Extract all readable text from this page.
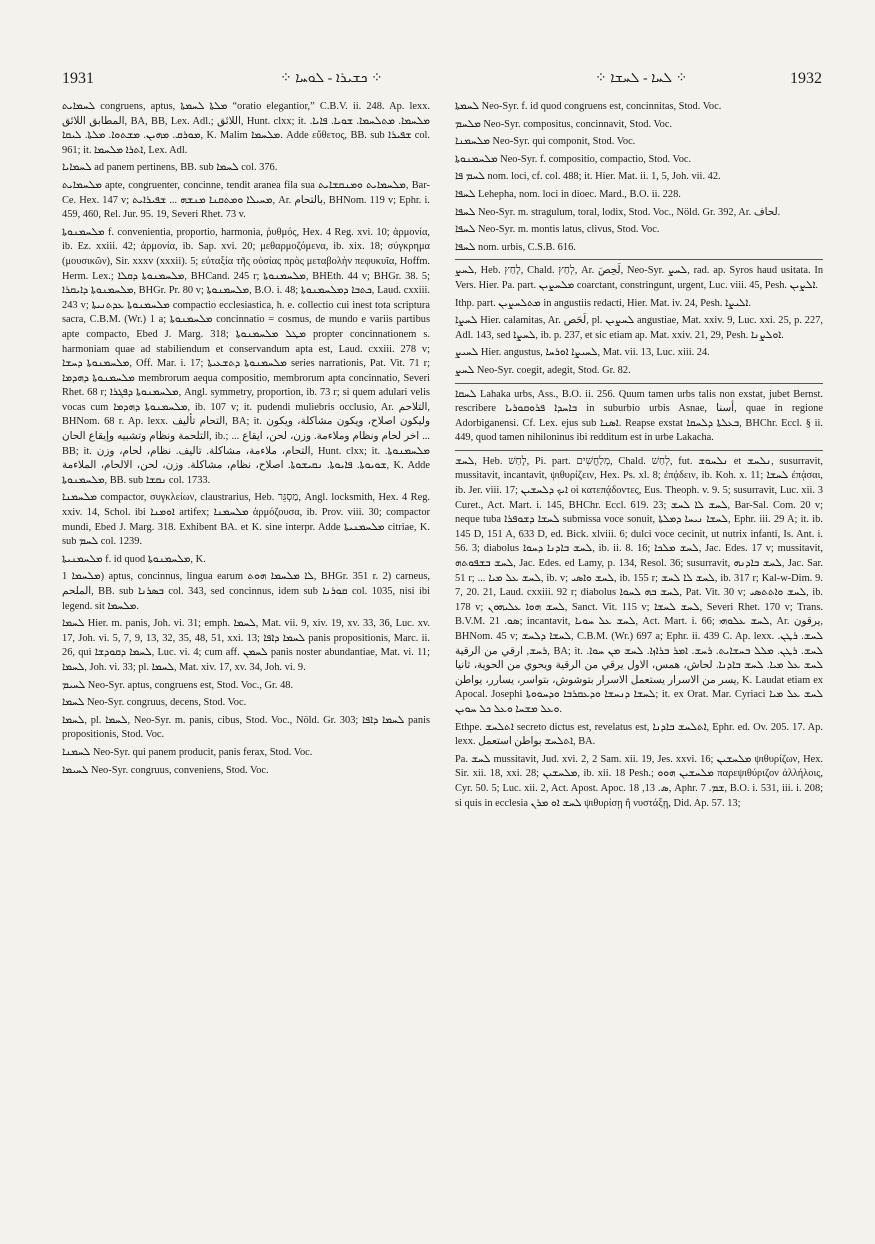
1931	⁘ ܟܫܝܪܐ - ܠܘܚܐ ⁘	⁘ ܠܚܐ - ܠܚܫܐ ⁘	1932

ܠܚܡܐܝܬ congruens, aptus, ܡܠܬܐ ܠܚܡܬܐ “oratio elegantior,” C.B.V. ii. 248. Ap. lexx. المطابق اللائق, BA, BB, Lex. Adl.; اللائق, Hunt. clxx; it. ܡܠܚܡܐ. ܡܬܠܚܡܐ. ܫܘܝܐ. ܦܐܝܐ. ܡܘܪܩ. ܡܗܝܢ. ܡܫܬܘܐ. ܡܠܬܐ. ܠܝܩܐ, K. Malim ܡܠܚܡܐ. Adde εὔθετος, BB. sub ܫܦܝܪܐ col. 961; it. ܐܬܪܐ ܡܠܚܡܐ, Lex. Adl.

ܠܚܡܐܝܐ ad panem pertinens, BB. sub ܠܚܡܐ col. 376.

ܡܠܚܡܐܝܬ apte, congruenter, concinne, tendit aranea fila sua ܡܠܚܡܐܝܬ ܘܡܢܩܫܐܝܬ, Bar-Ce. Hex. 147 v; ܡܚܝܠܐ ܘܡܬܩܢܐ ܡܢܫܗ ... ܫܦܝܪܐܝܬ, Ar. بالتحام, BHNom. 119 v; Ephr. i. 459, 460, Rel. Jur. 95. 19, Severi Rhet. 73 v.

ܡܠܚܡܢܘܬܐ f. convenientia, proportio, harmonia, ῥυθμός, Hex. 4 Reg. xvi. 10; ἁρμονία, ib. Ez. xxiii. 42; ἁρμονία, ib. Sap. xvi. 20; μεθαρμοζόμενα, ib. xix. 18; σύγκρημα (μουσικῶν), Sir. xxxv (xxxii). 5; εὐταξία τῆς οὐσίας πρὸς μεταβολὴν πεφυκυῖα, Hoffm. Herm. Lex.; ܡܠܚܡܢܘܬܐ ܕܩܠܐ, BHCand. 245 r; ܡܠܚܡܢܘܬܐ, BHEth. 44 v; BHGr. 38. 5; ܡܠܚܡܢܘܬܐ ܕܐܝܩܪܐ, BHGr. Pr. 80 v; ܡܠܚܡܢܘܬܐ, B.O. i. 48; ܟܬܒܐ ܕܡܠܚܡܢܘܬܐ, Laud. cxxiii. 243 v; ܡܠܚܡܢܘܬܐ ܥܕܬܢܝܬܐ compactio ecclesiastica, h. e. collectio cui inest tota scriptura sacra, C.B.M. (Wr.) 1 a; ܡܠܚܡܢܘܬܐ concinnatio = cosmus, de mundo e variis partibus apte compacto, Ebed J. Marg. 318; ܡܛܠ ܡܠܚܡܢܘܬܐ propter concinnationem s. harmoniam quae ad stabiliendum et conservandum apta est, Laud. cxxiii. 278 v; ܡܠܚܡܢܘܬܐ ܕܚܫܐ, Off. Mar. i. 17; ܡܠܚܡܢܘܬܐ ܕܬܫܥܝܬܐ series narrationis, Pat. Vit. 71 r; ܡܠܚܡܢܘܬܐ ܕܗܕܡܐ membrorum aequa compositio, membrorum apta concinnatio, Severi Rhet. 68 r; ܡܠܚܡܢܘܬܐ ܕܦܓܪܐ, Angl. symmetry, proportion, ib. 73 r; si quem adulari velis vocas cum ܡܠܚܡܢܘܬܐ ܕܗܕܡܐ, ib. 107 v; it. pudendi muliebris occlusio, Ar. التلاحم, BHNom. 68 r. Ap. lexx. التحام تأليف, BA; it. وليكون اصلاح، ويكون مشاكلة، ويكون التلحمة ونظام وتشبيه وإيقاع الحان, ib.; ... اخر لحام ونظام وملاءمة. وزن، لحن، ايقاع ... BB; it. التحام، ملاءمة، مشاكلة. تاليف. نظام، لحام، وزن, Hunt. clxx; it. ܡܠܚܡܢܘܬܐ. ܫܘܝܘܬܐ. ܦܐܝܘܬܐ. ܢܩܝܫܘܬܐ. اصلاح، نظام، مشاكلة. وزن، لحن، الالحام، الملاءمة, K. Adde ܡܠܚܡܢܘܬܐ, BB. sub ܢܩܫܐ col. 1733.

ܡܠܚܡܢܐ compactor, συγκλείων, claustrarius, Heb. מַסְגֵּר, Angl. locksmith, Hex. 4 Reg. xxiv. 14, Schol. ibi ܐܘܡܢܐ artifex; ܡܠܚܡܢܐ ἁρμόζουσα, ib. Prov. viii. 30; compactor mundi, Ebed J. Marg. 318. Exhibent BA. et K. sine interpr. Adde ܡܠܚܡܢܝܬܐ citriae, K. sub ܠܚܡ col. 1239.

ܡܠܚܡܢܝܬܐ f. id quod ܡܠܚܡܢܘܬܐ, K.

ܡܠܚܡܐ 1) aptus, concinnus, lingua earum ܠܐ ܡܠܚܡܐ ܗܘܬ, BHGr. 351 r. 2) carneus, الملحم, BB. sub ܒܣܪܢܐ col. 343, sed concinnus, idem sub ܩܘܪܢܐ col. 1035, nisi ibi legend. sit ܡܠܚܡܐ.

ܠܚܡܐ Hier. m. panis, Joh. vi. 31; emph. ܠܚܡܐ, Mat. vii. 9, xiv. 19, xv. 33, 36, Luc. xv. 17, Joh. vi. 5, 7, 9, 13, 32, 35, 48, 51, xxi. 13; ܠܚܡܐ ܕܐܦܐ panis propositionis, Marc. ii. 26, qui ܠܚܡܐ ܕܩܘܕܫܐ, Luc. vi. 4; cum aff. ܠܚܡܢ panis noster abundantiae, Mat. vi. 11; ܠܚܡܐ, Joh. vi. 33; pl. ܠܚܡܐ, Mat. xiv. 17, xv. 34, Joh. vi. 9.

ܠܚܝܡ Neo-Syr. aptus, congruens est, Stod. Voc., Gr. 48.

ܠܚܡܐ Neo-Syr. congruus, decens, Stod. Voc.

ܠܚܡܐ, pl. ܠܚܡܐ, Neo-Syr. m. panis, cibus, Stod. Voc., Nöld. Gr. 303; ܠܚܡܐ ܕܐܦܐ panis propositionis, Stod. Voc.

ܠܚܡܢܐ Neo-Syr. qui panem producit, panis ferax, Stod. Voc.

ܠܚܝܡܐ Neo-Syr. congruus, conveniens, Stod. Voc.

ܠܚܡܬܐ Neo-Syr. f. id quod congruens est, concinnitas, Stod. Voc.

ܡܠܚܡ Neo-Syr. compositus, concinnavit, Stod. Voc.

ܡܠܚܡܢܐ Neo-Syr. qui componit, Stod. Voc.

ܡܠܚܡܢܘܬܐ Neo-Syr. f. compositio, compactio, Stod. Voc.

ܠܚܡ ܦܐ nom. loci, cf. col. 488; it. Hier. Mat. ii. 1, 5, Joh. vii. 42.

ܠܚܦܐ Lehepha, nom. loci in dioec. Mard., B.O. ii. 228.

ܠܚܦܐ Neo-Syr. m. stragulum, toral, lodix, Stod. Voc., Nöld. Gr. 392, Ar. لحاف.

ܠܚܦܐ Neo-Syr. m. montis latus, clivus, Stod. Voc.

ܠܚܦܐ nom. urbis, C.S.B. 616.

ܠܚܨ, Heb. לָחַץ, Chald. לְחַץ, Ar. لَحِصَ, Neo-Syr. ܠܚܨ, rad. ap. Syros haud usitata. In Vers. Hier. Pa. part. ܡܠܚܨܝܢ coarctant, constringunt, urgent, Luc. viii. 45, Pesh. ܐܠܨܝܢ.

Ithp. part. ܡܬܠܚܨܝܢ in angustiis redacti, Hier. Mat. iv. 24, Pesh. ܐܠܝܨܐ.

ܠܚܨܐ Hier. calamitas, Ar. لَحَص, pl. ܠܚܨܝܢ angustiae, Mat. xxiv. 9, Luc. xxi. 25, p. 227, Adl. 143, sed ܠܚܨܐ, ib. p. 237, et sic etiam ap. Mat. xxiv. 21, 29, Pesh. ܐܘܠܨܢܐ.

ܠܚܝܨ Hier. angustus, ܠܚܝܨܐ ܐܘܪܚܐ, Mat. vii. 13, Luc. xiii. 24.

ܠܚܨ Neo-Syr. coegit, adegit, Stod. Gr. 82.

ܠܚܩܐ Lahaka urbs, Ass., B.O. ii. 256. Quum tamen urbs talis non exstat, jubet Bernst. rescribere ܒܐܚܕܐ ܦܪܘܩܘܪܝܐ in suburbio urbis Asnae, أسنا, quae in regione Adorbiganensi. Cf. Lex. ejus sub ܐܣܢܐ. Reapse exstat ܒܥܠܬܐ ܕܠܚܩܐ, BHChr. Eccl. § ii. 449, quod tamen nihiloninus ibi redditum est in urbe Lakacha.

ܠܚܫ, Heb. לָחַשׁ, Pi. part. מְלַחֲשִׁים, Chald. לְחַשׁ, fut. ܢܠܚܘܫ et ܢܠܚܫ, susurravit, mussitavit, incantavit, ψιθυρίζειν, Hex. Ps. xl. 8; ἐπᾴδειν, ib. Koh. x. 11; ܠܚܫܐ ἐπᾴσαι, ib. Jer. viii. 17; ܐܝܟ ܕܠܚܫܝܢ οἱ κατεπᾴδοντες, Eus. Theoph. v. 9. 5; susurravit, Luc. xii. 3 Curet., Act. Mart. i. 145, BHChr. Eccl. 619. 23; ܠܚܫ ܠܐ ܠܚܫ, Bar-Sal. Com. 20 v; neque tuba ܠܚܫܐ ܕܫܘܦܪܐ submissa voce sonuit, ܠܚܫܐ ܢܝܚܐ ܕܡܠܬܐ, Ephr. iii. 29 A; it. ib. 145 D, 151 A, 633 D, ed. Bick. xlviii. 6; dulci voce cecinit, ut nutrix infanti, Is. Ant. i. 56. 3; diabolus ܠܚܫ ܒܐܕܢܐ ܕܚܘܐ, ib. ii. 8. 16; ܠܚܫ ܡܠܟܐ, Jac. Edes. 17 v; mussitavit, ܠܚܫ ܒܫܦܘܬܗ, Jac. Edes. ed Lamy, p. 134, Resol. 36; susurravit, ܠܚܫ ܒܐܕܢܗ, Jac. Sar. 51 r; ... ܠܚܫ ܥܠ ܡܝܐ, ib. v; ܠܚܫ ܘܐܣܝ, ib. 155 r; ܠܚܫ ܠܐ ܠܚܫ, ib. 317 r; Kal-w-Dim. 9. 7, 20. 21, Laud. cxxiii. 92 r; diabolus ܠܚܫ ܒܗ ܠܚܘܐ, Pat. Vit. 30 v; ܠܚܫ ܘܐܬܬܣܝ, ib. 178 v; ܠܚܫ ܗܘܐ ܥܠܝܗܘܢ, Sanct. Vit. 115 v; ܠܚܫ ܠܚܫܐ, Severi Rhet. 170 v; Trans. B.V.M. ܣܘ. 21; incantavit, ܠܚܫ ܥܠ ܚܘܝܐ, Act. Mart. i. 66; ܠܚܫ ܥܠܘܗܝ, Ar. يرقون, BHNom. 45 v; ܠܚܫܐ ܕܠܚܫ, C.B.M. (Wr.) 697 a; Ephr. ii. 439 C. Ap. lexx. ܠܚܫ. ܪܛܢ. ܪܚܫ, ارقي من الرقية, BA; it. ܠܚܫ. ܪܛܢ. ܡܠܠ ܒܚܫܐܝܬ. ܪܚܫ. ܐܡܪ ܒܪܐܙܐ. ܠܚܫ ܡܢ ܚܘܐ. ܠܚܫ ܥܠ ܡܝܐ. ܠܚܫ ܒܐܕܢܐ. لحاش، همس، الاول يرقي من الرقية ويحوي من الحوية، ثانيا يسر من الاسرار يستعمل الاسرار بتوشوش، بتواسر، يسارر، يواطن, K. Laudat etiam ex Apocal. Josephi ܠܚܫܐ ܕܢܚܫܐ ܘܕܥܩܪܒܐ ܘܕܚܘܘܬܐ; it. ex Orat. Mar. Cyriaci ܠܚܫ ܥܠ ܡܝܐ ܘܥܠ ܡܫܚܐ ܘܥܠ ܟܠ ܚܘܝܢ.

Ethpe. ܐܬܠܚܫ secreto dictus est, revelatus est, ܐܬܠܚܫ ܒܐܕܢܐ, Ephr. ed. Ov. 205. 17. Ap. lexx. ܐܬܠܚܫ بواطن استعمل, BA.

Pa. ܠܚܫ mussitavit, Jud. xvi. 2, 2 Sam. xii. 19, Jes. xxvi. 16; ܡܠܚܫܝܢ ψιθυρίζων, Hex. Sir. xii. 18, xxi. 28; ܡܠܚܫܝܢ, ib. xii. 18 Pesh.; ܡܠܚܫܝܢ ܗܘܘ παρεψιθύριζον ἀλλήλοις, Cyr. 50. 5; Luc. xii. 2, Act. Apost. Apoc. ܣ. 13, 18, Aphr. ܫܡ. 7, B.O. i. 531, iii. i. 208; si quis in ecclesia ܠܚܫ ܐܘ ܡܪܢ ψιθυρίσῃ ἢ νυστάξῃ, Did. Ap. 57. 13;
